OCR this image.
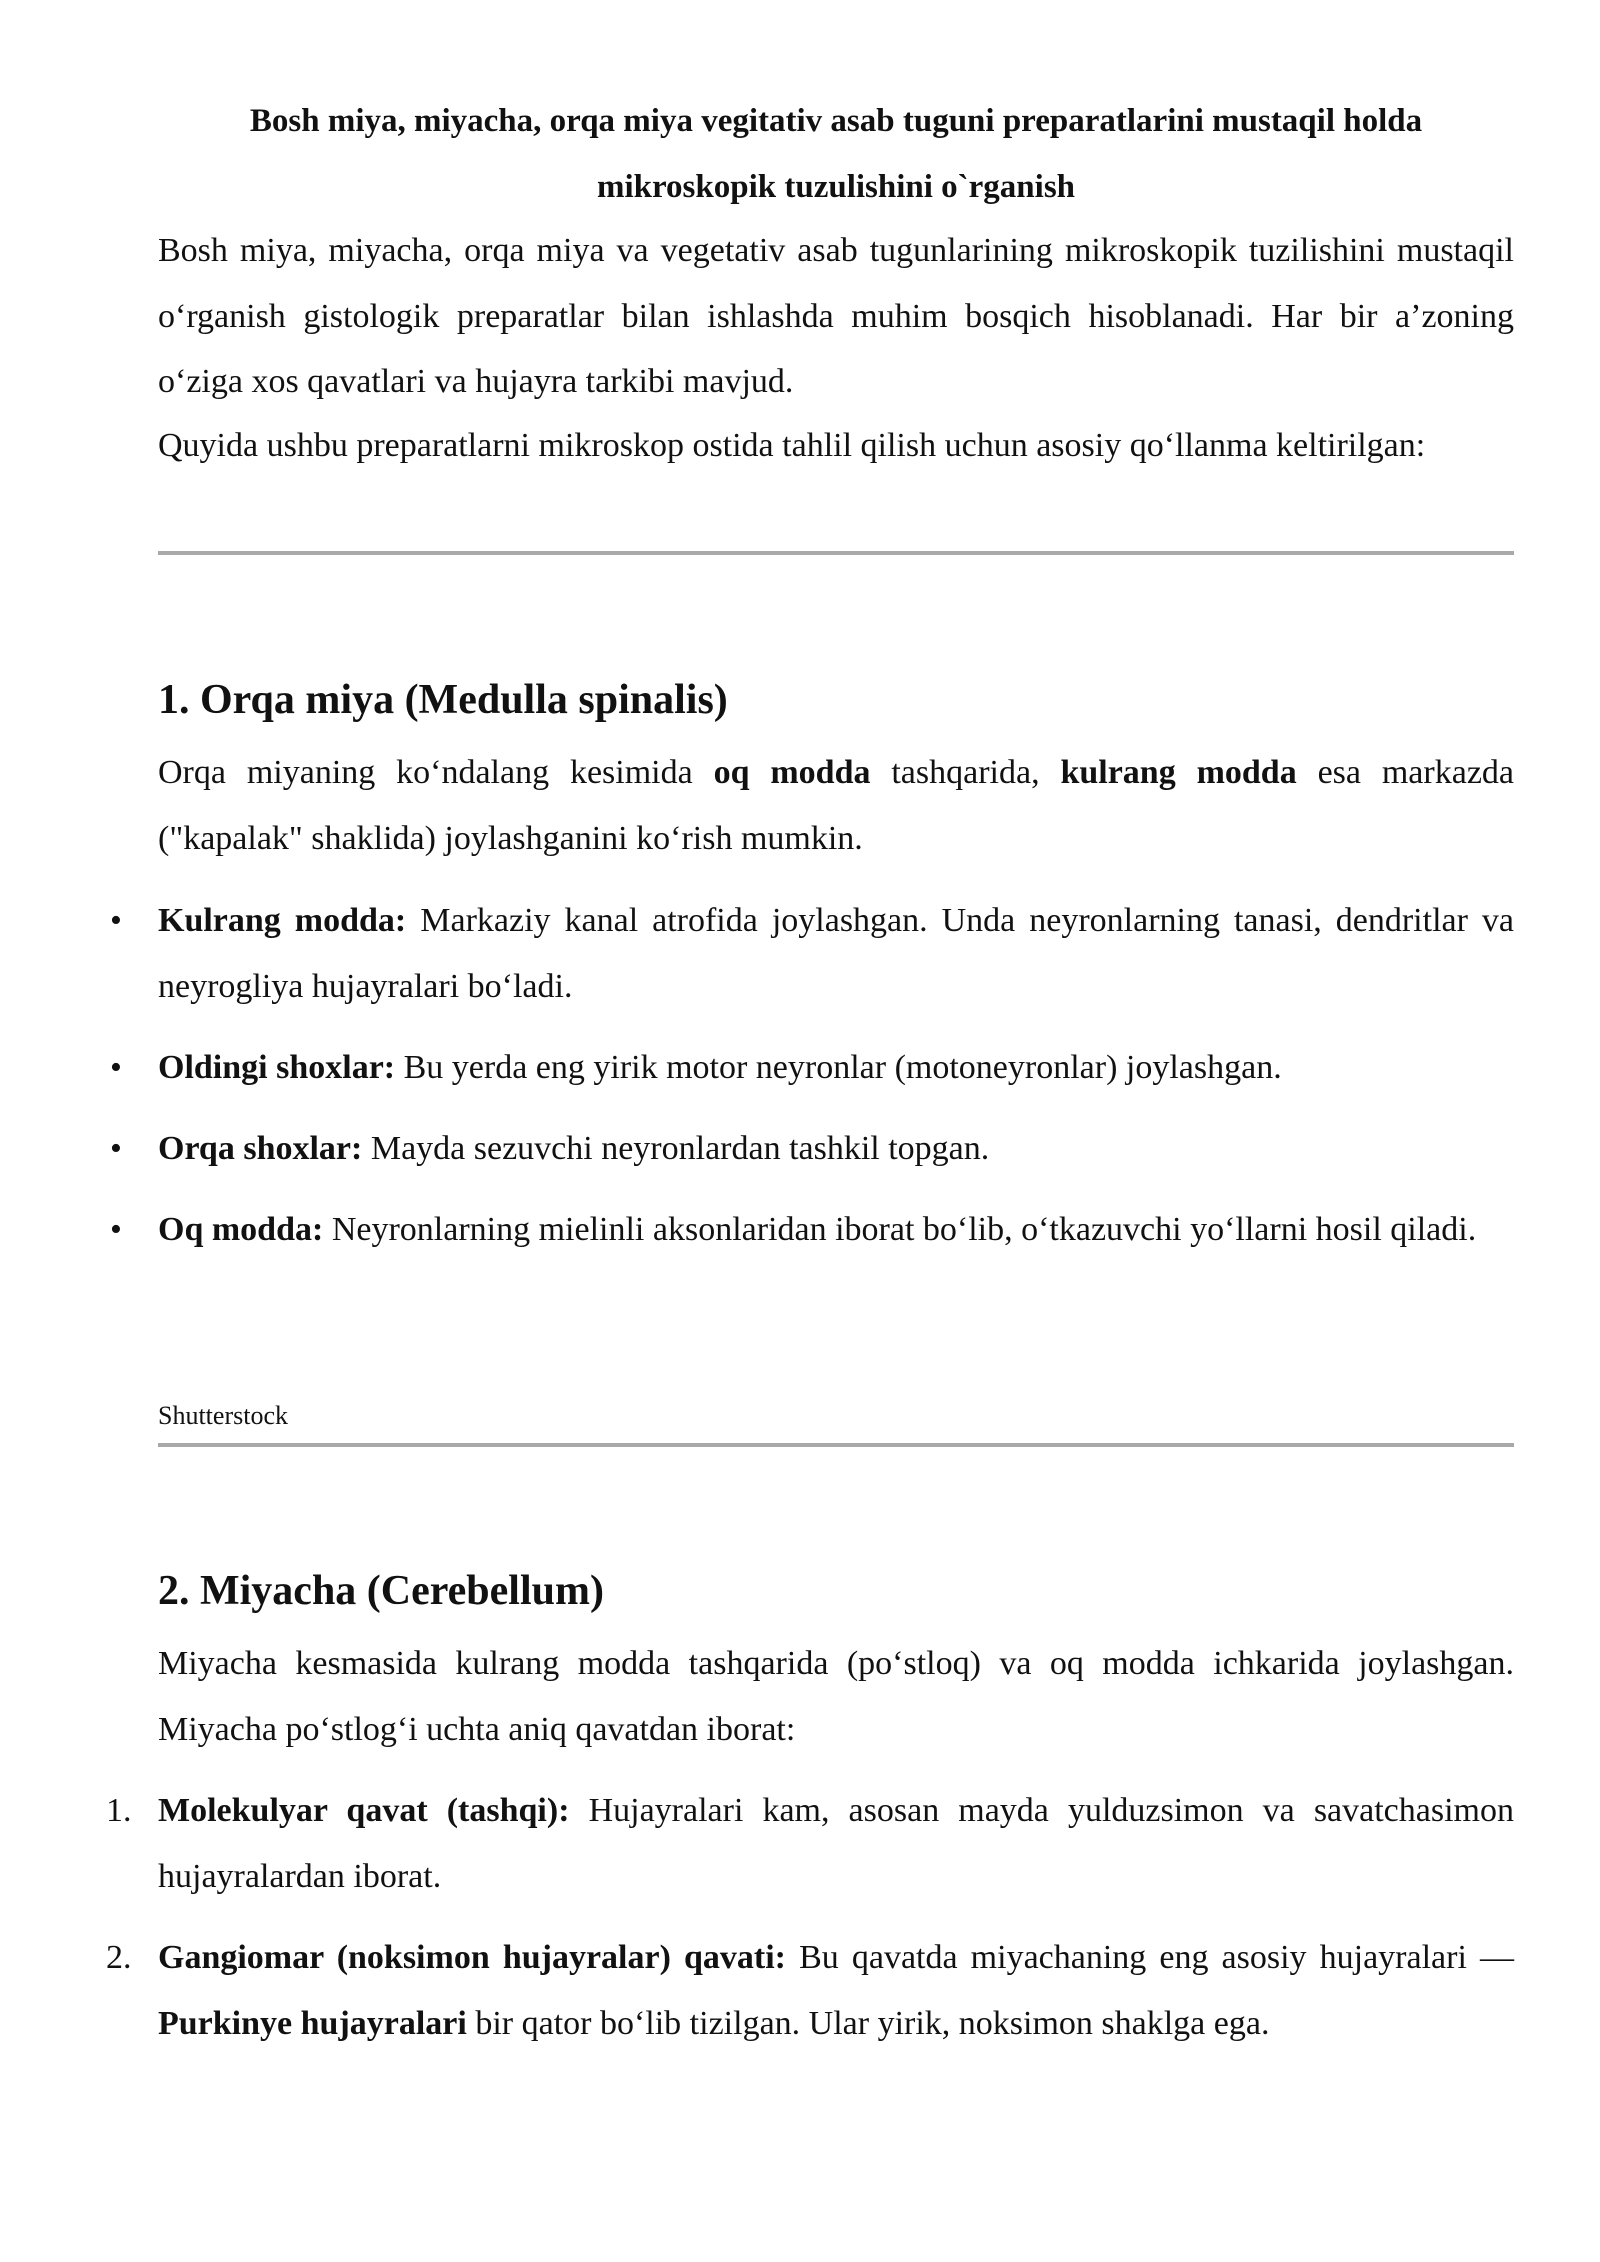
Bosh miya, miyacha, orqa miya vegitativ asab tuguni preparatlarini mustaqil holda
mikroskopik tuzulishini o`rganish
Bosh miya, miyacha, orqa miya va vegetativ asab tugunlarining mikroskopik tuzilishini mustaqil o‘rganish gistologik preparatlar bilan ishlashda muhim bosqich hisoblanadi. Har bir a’zoning o‘ziga xos qavatlari va hujayra tarkibi mavjud.
Quyida ushbu preparatlarni mikroskop ostida tahlil qilish uchun asosiy qo‘llanma keltirilgan:
1. Orqa miya (Medulla spinalis)
Orqa miyaning ko‘ndalang kesimida oq modda tashqarida, kulrang modda esa markazda ("kapalak" shaklida) joylashganini ko‘rish mumkin.
• Kulrang modda: Markaziy kanal atrofida joylashgan. Unda neyronlarning tanasi, dendritlar va neyrogliya hujayralari bo‘ladi.
• Oldingi shoxlar: Bu yerda eng yirik motor neyronlar (motoneyronlar) joylashgan.
• Orqa shoxlar: Mayda sezuvchi neyronlardan tashkil topgan.
• Oq modda: Neyronlarning mielinli aksonlaridan iborat bo‘lib, o‘tkazuvchi yo‘llarni hosil qiladi.
Shutterstock
2. Miyacha (Cerebellum)
Miyacha kesmasida kulrang modda tashqarida (po‘stloq) va oq modda ichkarida joylashgan. Miyacha po‘stlog‘i uchta aniq qavatdan iborat:
1. Molekulyar qavat (tashqi): Hujayralari kam, asosan mayda yulduzsimon va savatchasimon hujayralardan iborat.
2. Gangiomar (noksimon hujayralar) qavati: Bu qavatda miyachaning eng asosiy hujayralari — Purkinye hujayralari bir qator bo‘lib tizilgan. Ular yirik, noksimon shaklga ega.
